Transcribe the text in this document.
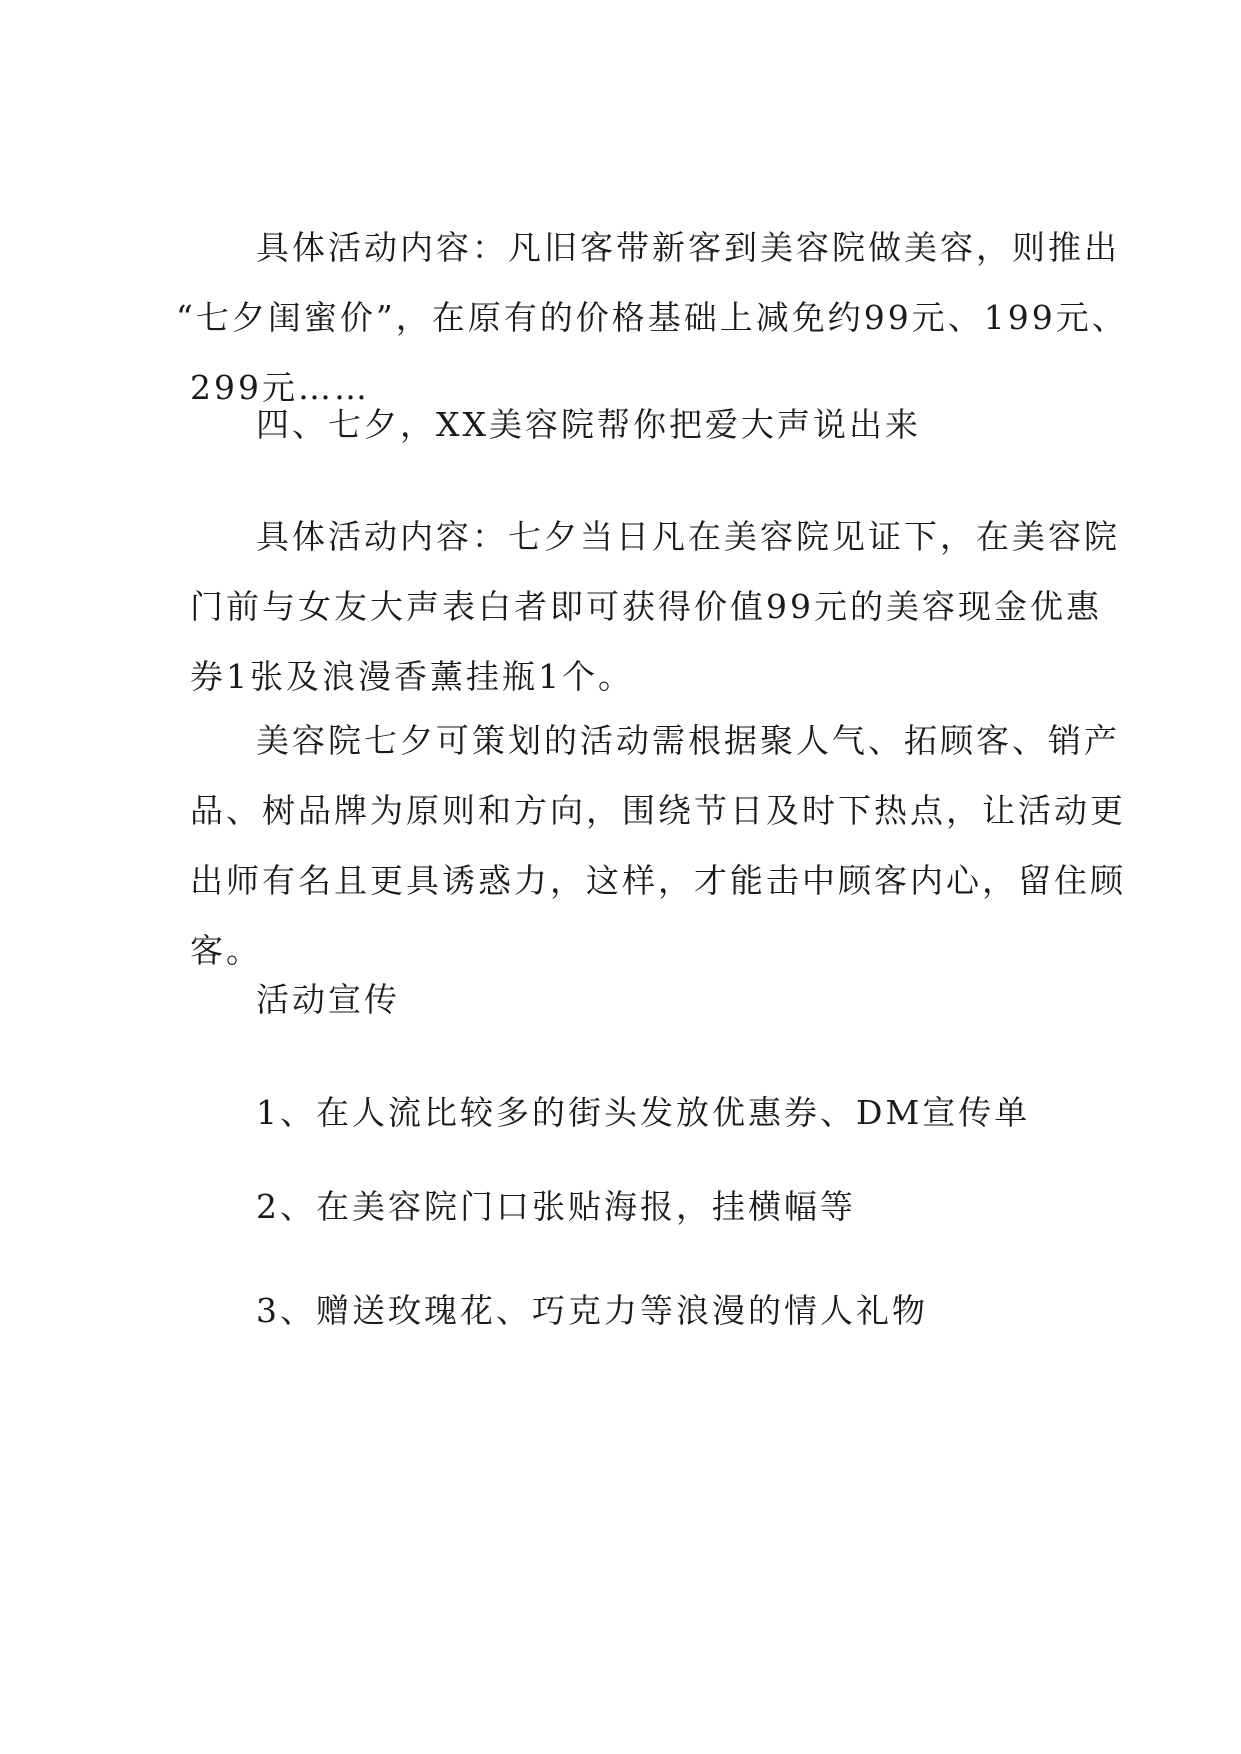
具体活动内容：凡旧客带新客到美容院做美容，则推出
“七夕闺蜜价”，在原有的价格基础上减免约99元、199元、
299元……
四、七夕，XX美容院帮你把爱大声说出来
具体活动内容：七夕当日凡在美容院见证下，在美容院
门前与女友大声表白者即可获得价值99元的美容现金优惠
券1张及浪漫香薰挂瓶1个。
美容院七夕可策划的活动需根据聚人气、拓顾客、销产
品、树品牌为原则和方向，围绕节日及时下热点，让活动更
出师有名且更具诱惑力，这样，才能击中顾客内心，留住顾
客。
活动宣传
1、在人流比较多的街头发放优惠券、DM宣传单
2、在美容院门口张贴海报，挂横幅等
3、赠送玫瑰花、巧克力等浪漫的情人礼物
